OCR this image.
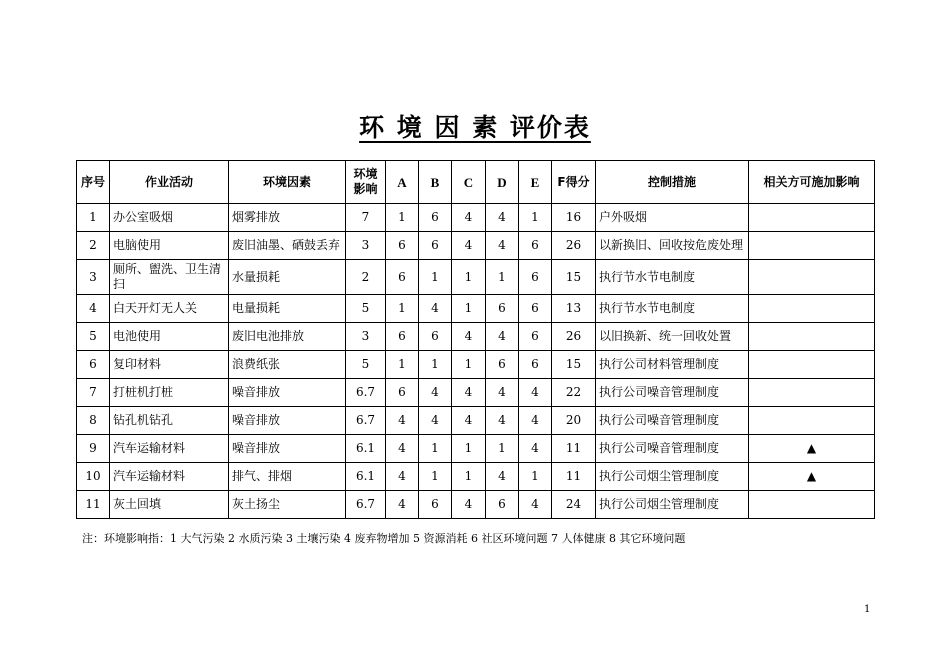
环 境 因 素 评价表
序号	作业活动	环境因素	环境影响	A	B	C	D	E	F得分	控制措施	相关方可施加影响
1	办公室吸烟	烟雾排放	7	1	6	4	4	1	16	户外吸烟	
2	电脑使用	废旧油墨、硒鼓丢弃	3	6	6	4	4	6	26	以新换旧、回收按危废处理	
3	厕所、盥洗、卫生清扫	水量损耗	2	6	1	1	1	6	15	执行节水节电制度	
4	白天开灯无人关	电量损耗	5	1	4	1	6	6	13	执行节水节电制度	
5	电池使用	废旧电池排放	3	6	6	4	4	6	26	以旧换新、统一回收处置	
6	复印材料	浪费纸张	5	1	1	1	6	6	15	执行公司材料管理制度	
7	打桩机打桩	噪音排放	6.7	6	4	4	4	4	22	执行公司噪音管理制度	
8	钻孔机钻孔	噪音排放	6.7	4	4	4	4	4	20	执行公司噪音管理制度	
9	汽车运输材料	噪音排放	6.1	4	1	1	1	4	11	执行公司噪音管理制度	▲
10	汽车运输材料	排气、排烟	6.1	4	1	1	4	1	11	执行公司烟尘管理制度	▲
11	灰土回填	灰土扬尘	6.7	4	6	4	6	4	24	执行公司烟尘管理制度	
注：环境影响指：1 大气污染 2 水质污染 3 土壤污染 4 废弃物增加 5 资源消耗 6 社区环境问题 7 人体健康 8 其它环境问题
1
